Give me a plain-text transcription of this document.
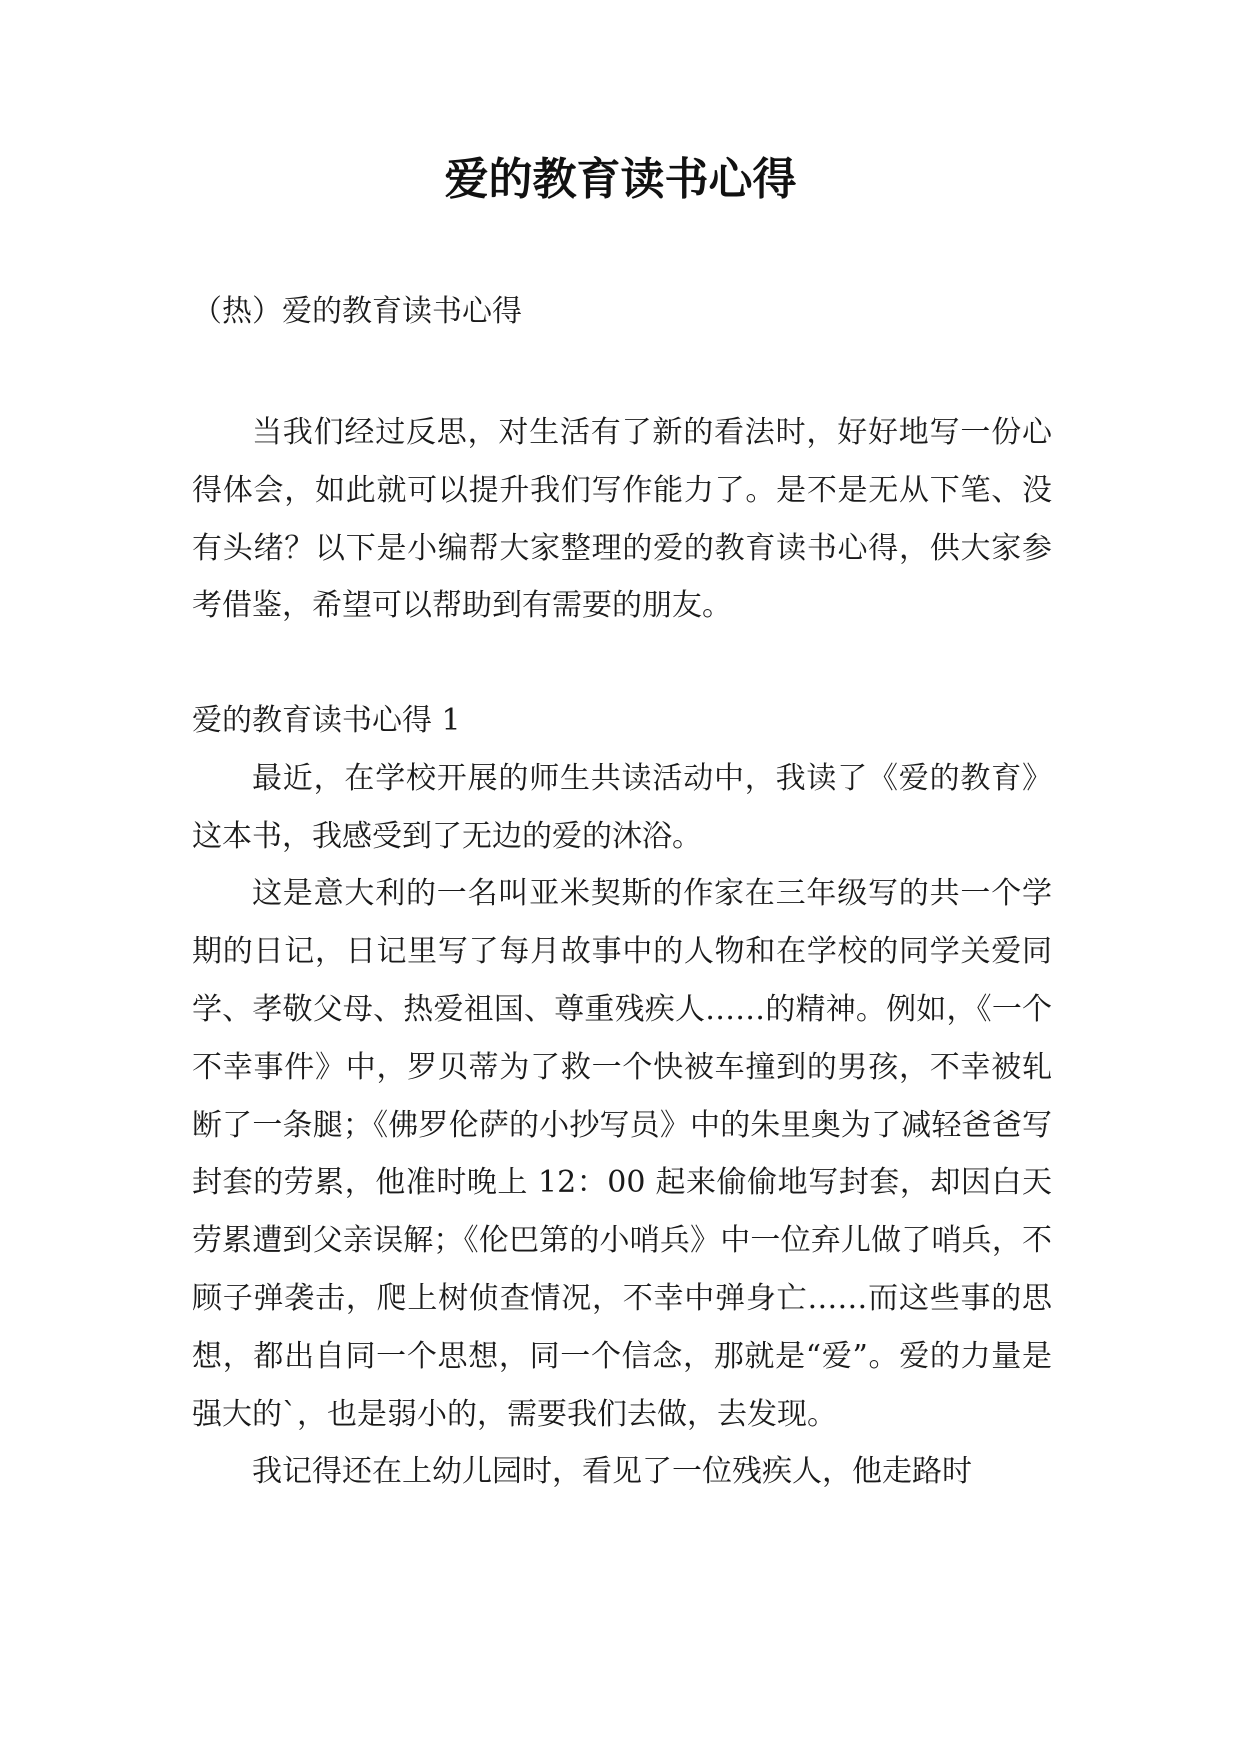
爱的教育读书心得
（热）爱的教育读书心得

当我们经过反思，对生活有了新的看法时，好好地写一份心得体会，如此就可以提升我们写作能力了。是不是无从下笔、没有头绪？以下是小编帮大家整理的爱的教育读书心得，供大家参考借鉴，希望可以帮助到有需要的朋友。

爱的教育读书心得 1

最近，在学校开展的师生共读活动中，我读了《爱的教育》这本书，我感受到了无边的爱的沐浴。

这是意大利的一名叫亚米契斯的作家在三年级写的共一个学期的日记，日记里写了每月故事中的人物和在学校的同学关爱同学、孝敬父母、热爱祖国、尊重残疾人……的精神。例如，《一个不幸事件》中，罗贝蒂为了救一个快被车撞到的男孩，不幸被轧断了一条腿；《佛罗伦萨的小抄写员》中的朱里奥为了减轻爸爸写封套的劳累，他准时晚上 12：00 起来偷偷地写封套，却因白天劳累遭到父亲误解；《伦巴第的小哨兵》中一位弃儿做了哨兵，不顾子弹袭击，爬上树侦查情况，不幸中弹身亡……而这些事的思想，都出自同一个思想，同一个信念，那就是“爱”。爱的力量是强大的`，也是弱小的，需要我们去做，去发现。

我记得还在上幼儿园时，看见了一位残疾人，他走路时
